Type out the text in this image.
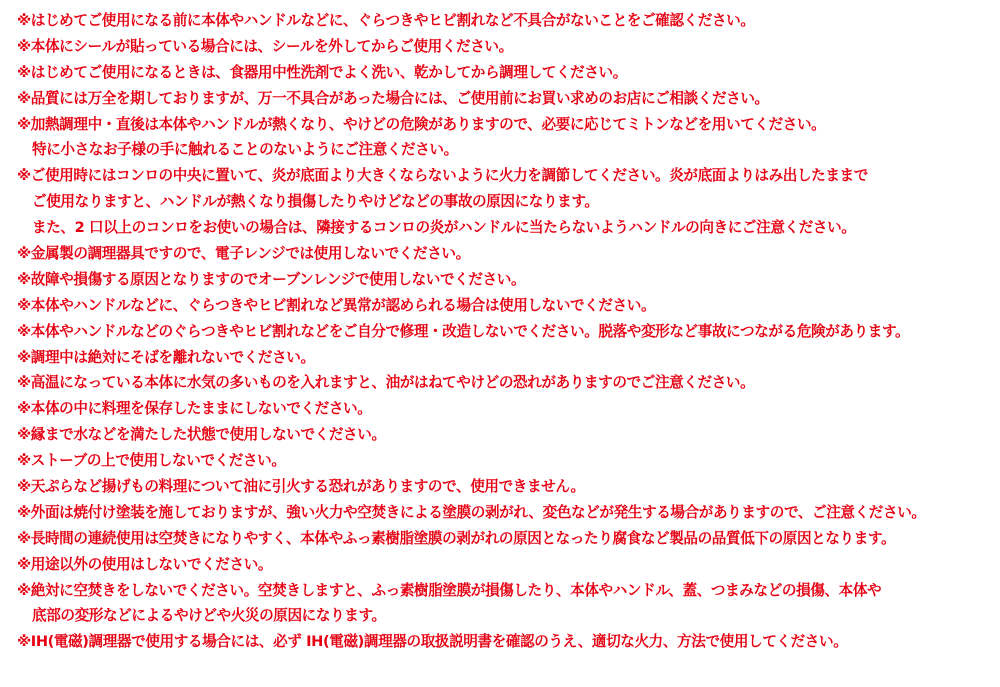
※はじめてご使用になる前に本体やハンドルなどに、ぐらつきやヒビ割れなど不具合がないことをご確認ください。
※本体にシールが貼っている場合には、シールを外してからご使用ください。
※はじめてご使用になるときは、食器用中性洗剤でよく洗い、乾かしてから調理してください。
※品質には万全を期しておりますが、万一不具合があった場合には、ご使用前にお買い求めのお店にご相談ください。
※加熱調理中・直後は本体やハンドルが熱くなり、やけどの危険がありますので、必要に応じてミトンなどを用いてください。
特に小さなお子様の手に触れることのないようにご注意ください。
※ご使用時にはコンロの中央に置いて、炎が底面より大きくならないように火力を調節してください。炎が底面よりはみ出したままで
ご使用なりますと、ハンドルが熱くなり損傷したりやけどなどの事故の原因になります。
また、2 口以上のコンロをお使いの場合は、隣接するコンロの炎がハンドルに当たらないようハンドルの向きにご注意ください。
※金属製の調理器具ですので、電子レンジでは使用しないでください。
※故障や損傷する原因となりますのでオーブンレンジで使用しないでください。
※本体やハンドルなどに、ぐらつきやヒビ割れなど異常が認められる場合は使用しないでください。
※本体やハンドルなどのぐらつきやヒビ割れなどをご自分で修理・改造しないでください。脱落や変形など事故につながる危険があります。
※調理中は絶対にそばを離れないでください。
※高温になっている本体に水気の多いものを入れますと、油がはねてやけどの恐れがありますのでご注意ください。
※本体の中に料理を保存したままにしないでください。
※縁まで水などを満たした状態で使用しないでください。
※ストーブの上で使用しないでください。
※天ぷらなど揚げもの料理について油に引火する恐れがありますので、使用できません。
※外面は焼付け塗装を施しておりますが、強い火力や空焚きによる塗膜の剥がれ、変色などが発生する場合がありますので、ご注意ください。
※長時間の連続使用は空焚きになりやすく、本体やふっ素樹脂塗膜の剥がれの原因となったり腐食など製品の品質低下の原因となります。
※用途以外の使用はしないでください。
※絶対に空焚きをしないでください。空焚きしますと、ふっ素樹脂塗膜が損傷したり、本体やハンドル、蓋、つまみなどの損傷、本体や
底部の変形などによるやけどや火災の原因になります。
※IH(電磁)調理器で使用する場合には、必ず IH(電磁)調理器の取扱説明書を確認のうえ、適切な火力、方法で使用してください。
